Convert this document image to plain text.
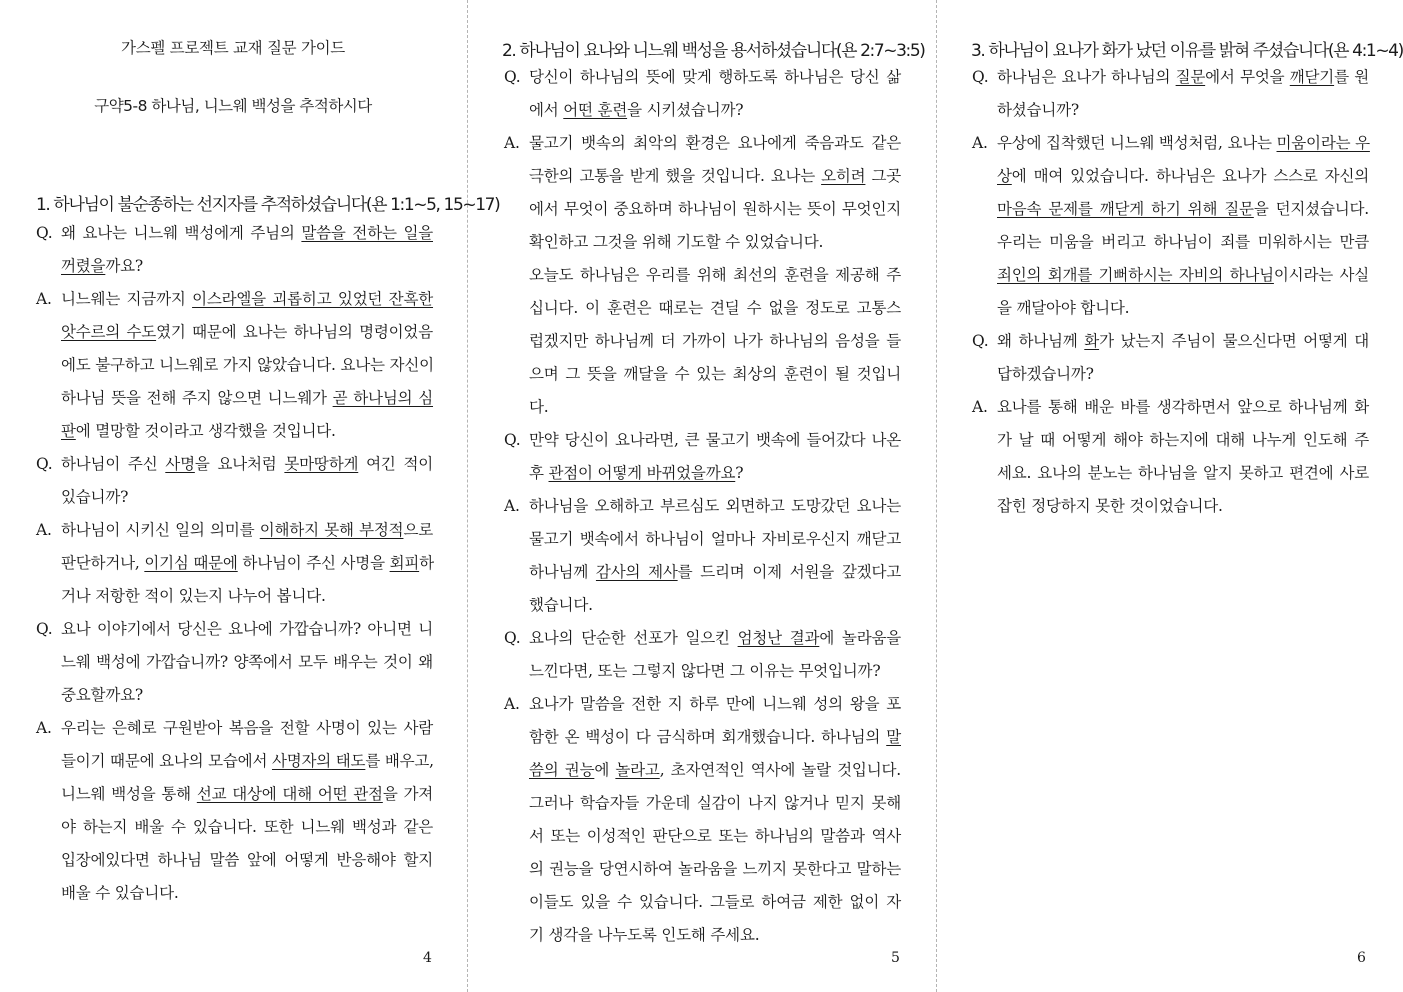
가스펠 프로젝트 교재 질문 가이드
구약5-8 하나님, 니느웨 백성을 추적하시다
1. 하나님이 불순종하는 선지자를 추적하셨습니다(욘 1:1~5, 15~17)
Q. 왜 요나는 니느웨 백성에게 주님의 말씀을 전하는 일을
꺼렸을까요?
A. 니느웨는 지금까지 이스라엘을 괴롭히고 있었던 잔혹한
앗수르의 수도였기 때문에 요나는 하나님의 명령이었음
에도 불구하고 니느웨로 가지 않았습니다. 요나는 자신이
하나님 뜻을 전해 주지 않으면 니느웨가 곧 하나님의 심
판에 멸망할 것이라고 생각했을 것입니다.
Q. 하나님이 주신 사명을 요나처럼 못마땅하게 여긴 적이
있습니까?
A. 하나님이 시키신 일의 의미를 이해하지 못해 부정적으로
판단하거나, 이기심 때문에 하나님이 주신 사명을 회피하
거나 저항한 적이 있는지 나누어 봅니다.
Q. 요나 이야기에서 당신은 요나에 가깝습니까? 아니면 니
느웨 백성에 가깝습니까? 양쪽에서 모두 배우는 것이 왜
중요할까요?
A. 우리는 은혜로 구원받아 복음을 전할 사명이 있는 사람
들이기 때문에 요나의 모습에서 사명자의 태도를 배우고,
니느웨 백성을 통해 선교 대상에 대해 어떤 관점을 가져
야 하는지 배울 수 있습니다. 또한 니느웨 백성과 같은
입장에있다면 하나님 말씀 앞에 어떻게 반응해야 할지
배울 수 있습니다.
4
2. 하나님이 요나와 니느웨 백성을 용서하셨습니다(욘 2:7~3:5)
Q. 당신이 하나님의 뜻에 맞게 행하도록 하나님은 당신 삶
에서 어떤 훈련을 시키셨습니까?
A. 물고기 뱃속의 최악의 환경은 요나에게 죽음과도 같은
극한의 고통을 받게 했을 것입니다. 요나는 오히려 그곳
에서 무엇이 중요하며 하나님이 원하시는 뜻이 무엇인지
확인하고 그것을 위해 기도할 수 있었습니다.
오늘도 하나님은 우리를 위해 최선의 훈련을 제공해 주
십니다. 이 훈련은 때로는 견딜 수 없을 정도로 고통스
럽겠지만 하나님께 더 가까이 나가 하나님의 음성을 들
으며 그 뜻을 깨달을 수 있는 최상의 훈련이 될 것입니
다.
Q. 만약 당신이 요나라면, 큰 물고기 뱃속에 들어갔다 나온
후 관점이 어떻게 바뀌었을까요?
A. 하나님을 오해하고 부르심도 외면하고 도망갔던 요나는
물고기 뱃속에서 하나님이 얼마나 자비로우신지 깨닫고
하나님께 감사의 제사를 드리며 이제 서원을 갚겠다고
했습니다.
Q. 요나의 단순한 선포가 일으킨 엄청난 결과에 놀라움을
느낀다면, 또는 그렇지 않다면 그 이유는 무엇입니까?
A. 요나가 말씀을 전한 지 하루 만에 니느웨 성의 왕을 포
함한 온 백성이 다 금식하며 회개했습니다. 하나님의 말
씀의 권능에 놀라고, 초자연적인 역사에 놀랄 것입니다.
그러나 학습자들 가운데 실감이 나지 않거나 믿지 못해
서 또는 이성적인 판단으로 또는 하나님의 말씀과 역사
의 권능을 당연시하여 놀라움을 느끼지 못한다고 말하는
이들도 있을 수 있습니다. 그들로 하여금 제한 없이 자
기 생각을 나누도록 인도해 주세요.
5
3. 하나님이 요나가 화가 났던 이유를 밝혀 주셨습니다(욘 4:1~4)
Q. 하나님은 요나가 하나님의 질문에서 무엇을 깨닫기를 원
하셨습니까?
A. 우상에 집착했던 니느웨 백성처럼, 요나는 미움이라는 우
상에 매여 있었습니다. 하나님은 요나가 스스로 자신의
마음속 문제를 깨닫게 하기 위해 질문을 던지셨습니다.
우리는 미움을 버리고 하나님이 죄를 미워하시는 만큼
죄인의 회개를 기뻐하시는 자비의 하나님이시라는 사실
을 깨달아야 합니다.
Q. 왜 하나님께 화가 났는지 주님이 물으신다면 어떻게 대
답하겠습니까?
A. 요나를 통해 배운 바를 생각하면서 앞으로 하나님께 화
가 날 때 어떻게 해야 하는지에 대해 나누게 인도해 주
세요. 요나의 분노는 하나님을 알지 못하고 편견에 사로
잡힌 정당하지 못한 것이었습니다.
6
